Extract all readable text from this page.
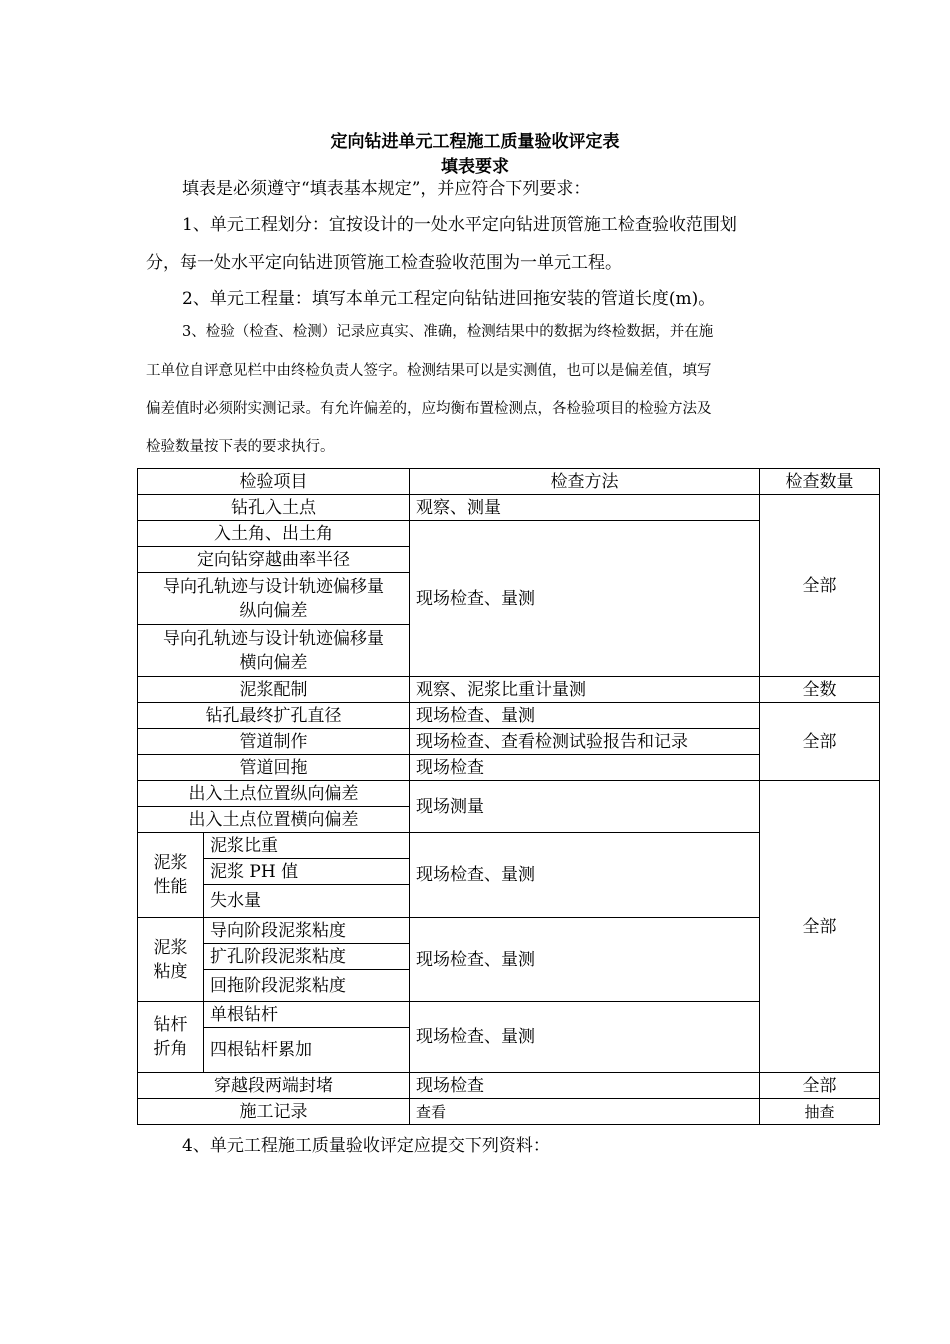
定向钻进单元工程施工质量验收评定表
填表要求
填表是必须遵守“填表基本规定”，并应符合下列要求：
1、单元工程划分：宜按设计的一处水平定向钻进顶管施工检查验收范围划
分，每一处水平定向钻进顶管施工检查验收范围为一单元工程。
2、单元工程量：填写本单元工程定向钻钻进回拖安装的管道长度(m)。
3、检验（检查、检测）记录应真实、准确，检测结果中的数据为终检数据，并在施
工单位自评意见栏中由终检负责人签字。检测结果可以是实测值，也可以是偏差值，填写
偏差值时必须附实测记录。有允许偏差的，应均衡布置检测点，各检验项目的检验方法及
检验数量按下表的要求执行。
检验项目		检查方法	检查数量
钻孔入土点		观察、测量	全部
入土角、出土角		现场检查、量测	
定向钻穿越曲率半径			

导向孔轨迹与设计轨迹偏移量
纵向偏差			

导向孔轨迹与设计轨迹偏移量
横向偏差			

泥浆配制		观察、泥浆比重计量测	全数
钻孔最终扩孔直径		现场检查、量测	全部
管道制作		现场检查、查看检测试验报告和记录	
管道回拖		现场检查	
出入土点位置纵向偏差		现场测量	全部
出入土点位置横向偏差			

泥浆
性能	泥浆比重	现场检查、量测	
	泥浆 PH 值		
	失水量		

泥浆
粘度	导向阶段泥浆粘度	现场检查、量测	
	扩孔阶段泥浆粘度		
	回拖阶段泥浆粘度		

钻杆
折角	单根钻杆	现场检查、量测	
	四根钻杆累加		
穿越段两端封堵		现场检查	全部
施工记录		查看	抽查
4、单元工程施工质量验收评定应提交下列资料：
